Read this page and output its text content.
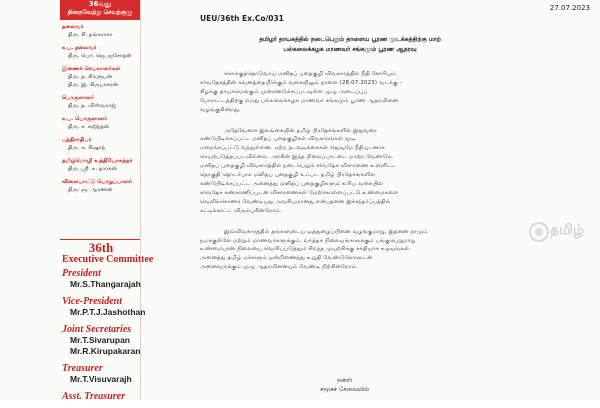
36வது
நிறைவேற்று செயற்குழு
தலைவர்
திரு. சி. தங்கராசா
உப. தலைவர்
திரு. பொ. ஜெ. ஜசோதன்
இணைச் செயலாளர்கள்
திரு. த. சிவரூபன்
திரு. இ. கிருபாகரன்
பொருளாளர்
திரு. த. விஸ்வராஜ்
உப. பொருளாளர்
திரு. ச. சுஜிந்தன்
பத்திராதிபர்
திரு. சு. கிஷாந்
தமிழ்மொழி உத்தியோகத்தர்
திரு. ஸ்ரீ. சு. தாரகன்
விளையாட்டு பொறுப்பாளர்
திரு. ஞ. ஆரணன்
36th
Executive Committee
President
Mr.S.Thangarajah
Vice-President
Mr.P.T.J.Jashothan
Joint Secretaries
Mr.T.Sivarupan
Mr.R.Kirupakaran
Treasurer
Mr.T.Visuvarajh
Asst. Treasurer
27.07.2023
UEU/36th Ex.Co/031
தமிழர் தாயகத்தில் நடைபெறும் தாளைய பூரண முடக்கத்திற்கு மாற்
பல்கலைக்கழக மாணவர் சங்கமும் பூரண ஆதரவு
கொக்குத்தொடுவாய் மனிதப் புதைகுழி விவகாரத்தில் நீதி கோரியும்,
சர்வதேசத்தின் கவனத்தையீர்க்கும் வகையிலும் நாளை (28.07.2023) வடக்கு -
கிழக்கு தாயகமெங்கும் முன்னெடுக்கப்படவுள்ள முழு அடைப்புப்
போராட்டத்திற்கு எமது பல்கலைக்கழக மாணவர் சங்கமும் பூரண ஆதரவினை
வழங்குகின்றது.
அதேவேளை இலங்கையின் தமிழ் பிரதேசங்களில் இதுவரை
கண்டுபிடிக்கப்பட்ட மனிதப் புதைகுழிகள் விவகாரங்கள் மூடி
மறைக்கப்பட்டு வந்துள்ளன. ஏற்ற நடவடிக்கைகள் எதுவுமே நீதியுடனாக
செயற்படுத்தப்படவில்லை. அரசின் இந்த நிலைப்பாட்டை மாற்ற வேண்டும்.
மனிதப் புதைகுழி விவகாரத்தில் நடைபெறும் சர்வதேச விசாரணை உள்ளிட்ட
தொகுதி தொடர்பாக மனிதப் புதைகுழி உட்பட தமிழ் பிரதேசங்களில்
கண்டுபிடிக்கப்பட்ட அனைத்து மனிதப் புதைகுழிகளும் உரிய வகையில்
சர்வதேச கண்காணிப்புடன் விசாரணைகள் மேற்கொள்ளப்பட்டு உண்மைகளை
வெளிக்கொணர வேண்டியது அவசியமானது என்பதனை இச்சந்தர்ப்பத்தில்
சுட்டிக்காட்ட விரும்புகின்றோம்.
இவ்விவகாரத்தில் தங்களுடைய ஒத்துழைப்பினை வழங்குமாறு, இதனை நாமும்
நமக்குள்ளே மற்றும் மாணவர்களுக்கும், வர்த்தக நிலையங்களுக்கும் பங்குபெறுமாறு
உண்மையான நிலையை வெளிப்படுத்தும் சிறந்த முயற்சிக்கு சக்தியாக உதவுங்கள்.
அனைத்து தமிழ் மக்களும் ஒன்றிணைந்து உறுதி வேண்டுகோளுடன்
அனைவருக்கும் முழு ஆதரவினையும் வேண்டி நிற்கின்றோம்.
நன்றி
சமூகச் சேவையில்
தமிழ்
